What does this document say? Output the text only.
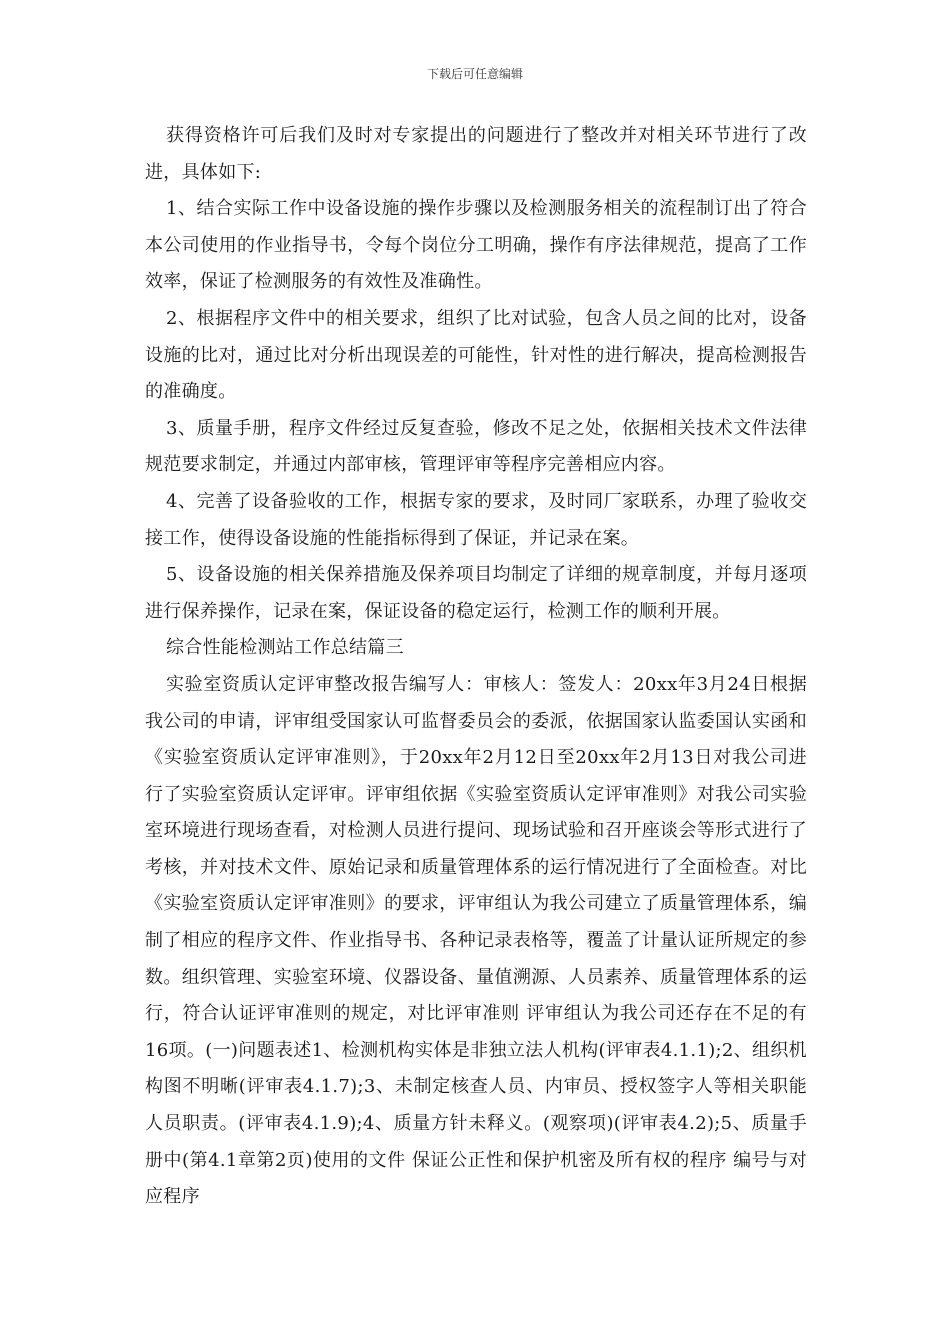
下载后可任意编辑

获得资格许可后我们及时对专家提出的问题进行了整改并对相关环节进行了改进，具体如下:

1、结合实际工作中设备设施的操作步骤以及检测服务相关的流程制订出了符合本公司使用的作业指导书，令每个岗位分工明确，操作有序法律规范，提高了工作效率，保证了检测服务的有效性及准确性。

2、根据程序文件中的相关要求，组织了比对试验，包含人员之间的比对，设备设施的比对，通过比对分析出现误差的可能性，针对性的进行解决，提高检测报告的准确度。

3、质量手册，程序文件经过反复查验，修改不足之处，依据相关技术文件法律规范要求制定，并通过内部审核，管理评审等程序完善相应内容。

4、完善了设备验收的工作，根据专家的要求，及时同厂家联系，办理了验收交接工作，使得设备设施的性能指标得到了保证，并记录在案。

5、设备设施的相关保养措施及保养项目均制定了详细的规章制度，并每月逐项进行保养操作，记录在案，保证设备的稳定运行，检测工作的顺利开展。

综合性能检测站工作总结篇三

实验室资质认定评审整改报告编写人：审核人：签发人：20xx年3月24日根据我公司的申请，评审组受国家认可监督委员会的委派，依据国家认监委国认实函和《实验室资质认定评审准则》，于20xx年2月12日至20xx年2月13日对我公司进行了实验室资质认定评审。评审组依据《实验室资质认定评审准则》对我公司实验室环境进行现场查看，对检测人员进行提问、现场试验和召开座谈会等形式进行了考核，并对技术文件、原始记录和质量管理体系的运行情况进行了全面检查。对比《实验室资质认定评审准则》的要求，评审组认为我公司建立了质量管理体系，编制了相应的程序文件、作业指导书、各种记录表格等，覆盖了计量认证所规定的参数。组织管理、实验室环境、仪器设备、量值溯源、人员素养、质量管理体系的运行，符合认证评审准则的规定，对比评审准则 评审组认为我公司还存在不足的有16项。(一)问题表述1、检测机构实体是非独立法人机构(评审表4.1.1);2、组织机构图不明晰(评审表4.1.7);3、未制定核查人员、内审员、授权签字人等相关职能人员职责。(评审表4.1.9);4、质量方针未释义。(观察项)(评审表4.2);5、质量手册中(第4.1章第2页)使用的文件 保证公正性和保护机密及所有权的程序 编号与对应程序
